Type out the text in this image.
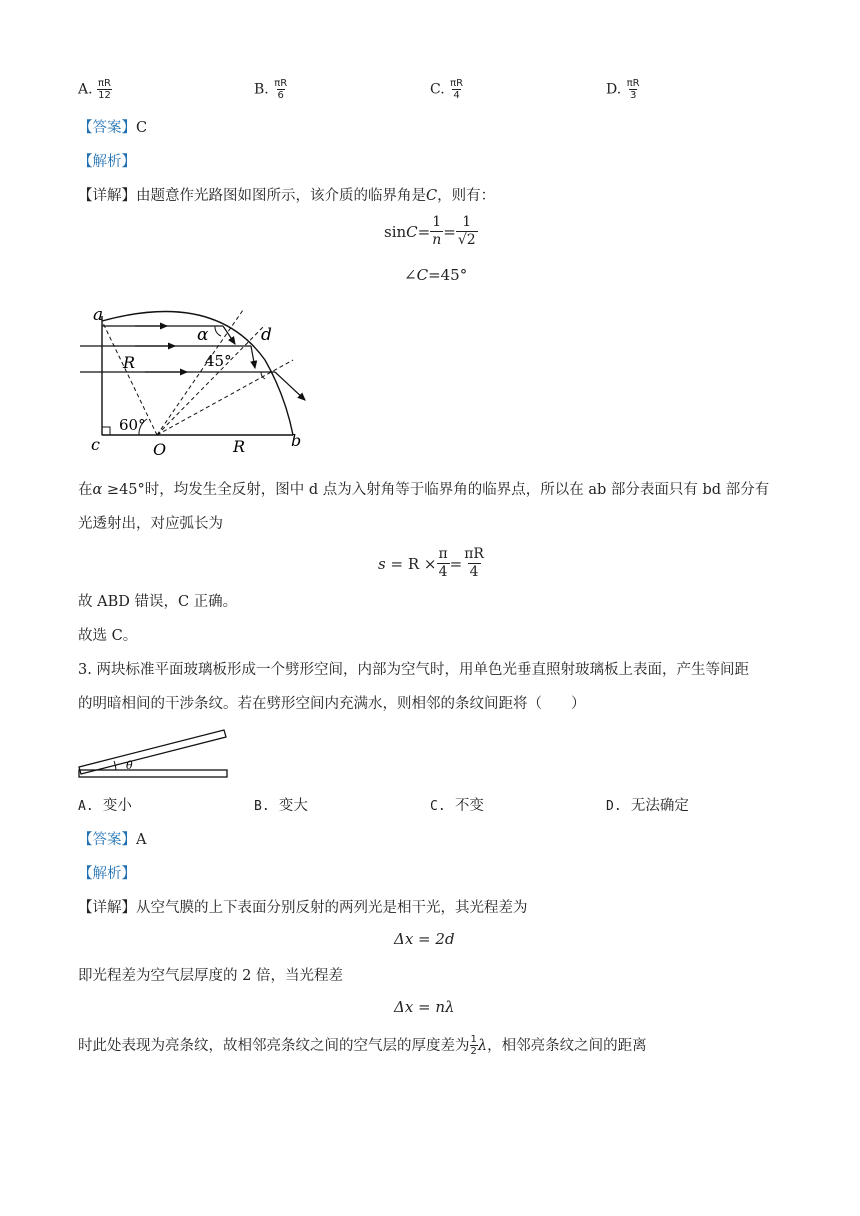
A. $\frac{\pi R}{12}$	B. $\frac{\pi R}{6}$	C. $\frac{\pi R}{4}$	D. $\frac{\pi R}{3}$
【答案】C
【解析】
【详解】由题意作光路图如图所示，该介质的临界角是C，则有：
$\sin C = \frac{1}{n} = \frac{1}{√2}$
∠C=45°
a
d
α
R	45°
60°
c	O	R	b
在α ≥45°时，均发生全反射，图中 d 点为入射角等于临界角的临界点，所以在 ab 部分表面只有 bd 部分有
光透射出，对应弧长为
s
= $R \times \frac{\pi}{4} = \frac{\pi R}{4}$
故 ABD 错误，C 正确。
故选 C。
3. 两块标准平面玻璃板形成一个劈形空间，内部为空气时，用单色光垂直照射玻璃板上表面，产生等间距
的明暗相间的干涉条纹。若在劈形空间内充满水，则相邻的条纹间距将（　　）
θ
A. 变小	B. 变大	C. 不变	D. 无法确定
【答案】A
【解析】
【详解】从空气膜的上下表面分别反射的两列光是相干光，其光程差为
Δx = 2d
即光程差为空气层厚度的 2 倍，当光程差
Δx = nλ
时此处表现为亮条纹，故相邻亮条纹之间的空气层的厚度差为 $\frac{1}{2}$ λ ，相邻亮条纹之间的距离
